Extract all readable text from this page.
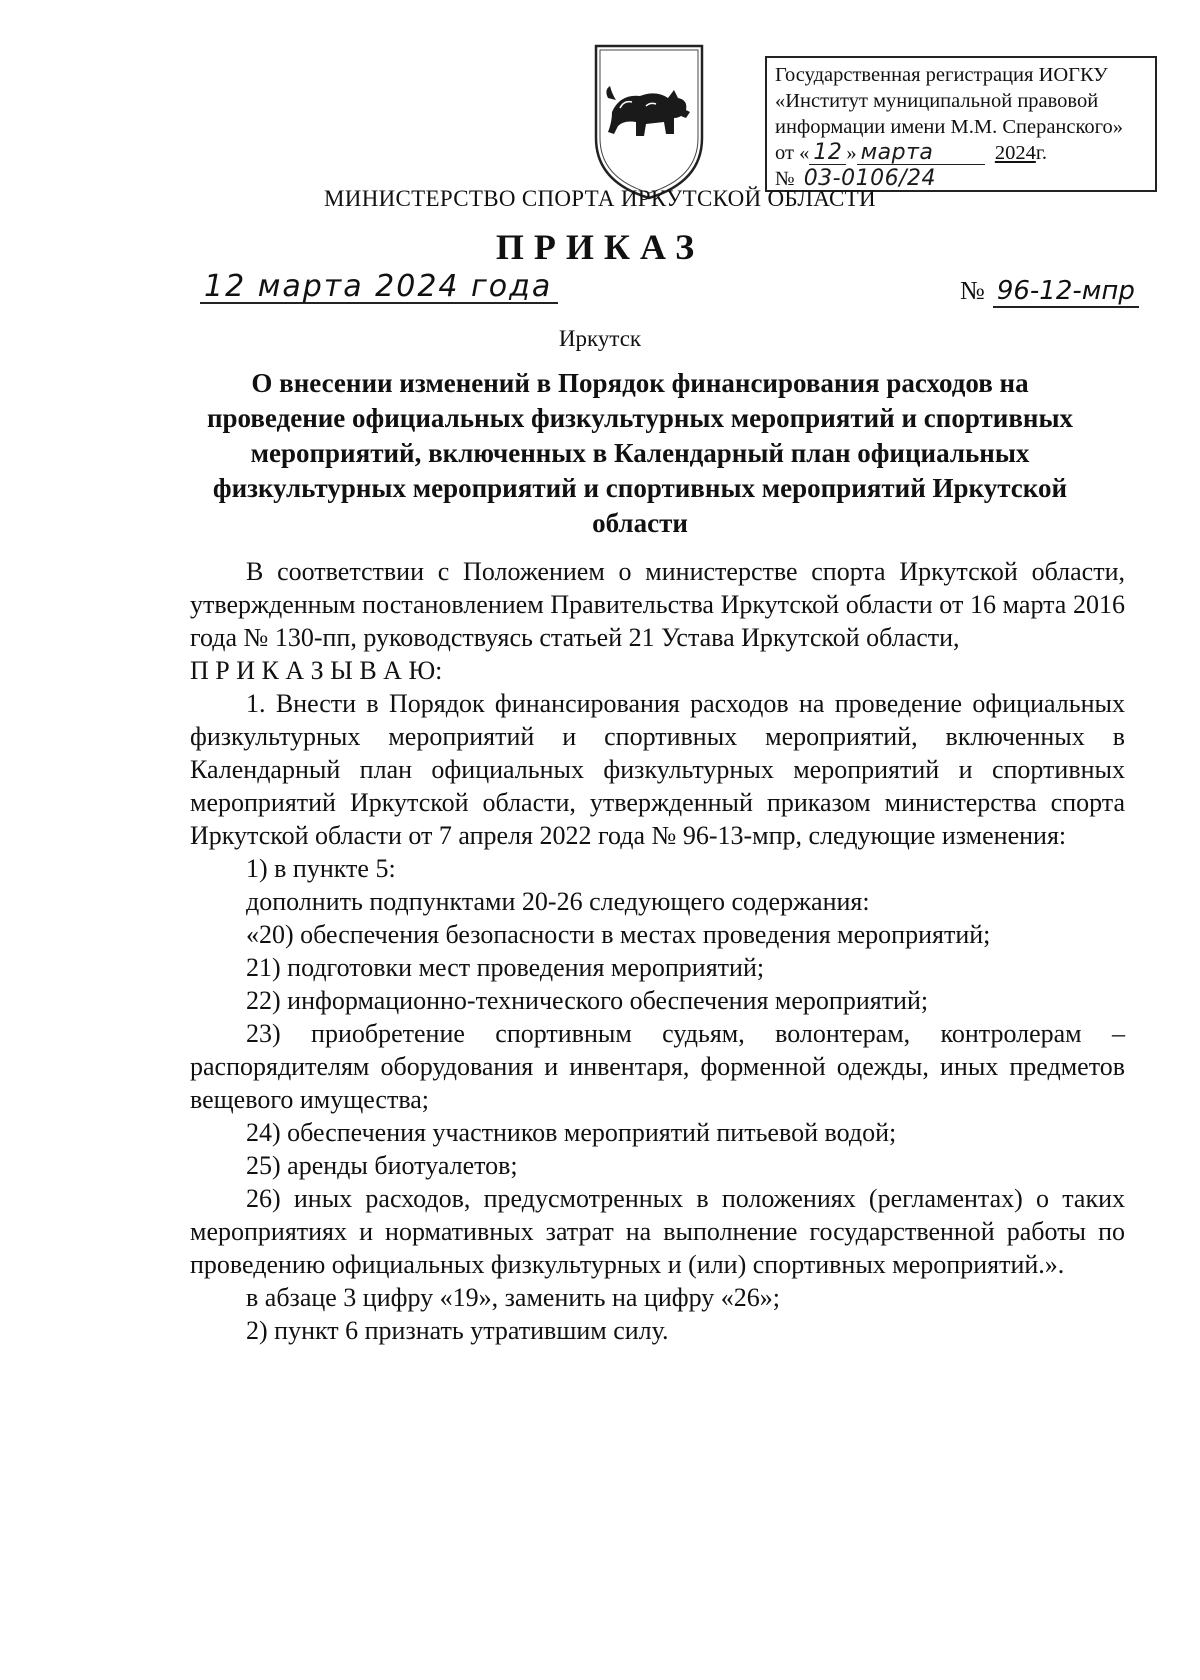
Государственная регистрация ИОГКУ
«Институт муниципальной правовой
информации имени М.М. Сперанского»
от « 12 » марта	2024г.
№ 03-0106/24
МИНИСТЕРСТВО СПОРТА ИРКУТСКОЙ ОБЛАСТИ
ПРИКАЗ
12 марта 2024 года	№ 96-12-мпр
Иркутск
О внесении изменений в Порядок финансирования расходов на
проведение официальных физкультурных мероприятий и спортивных
мероприятий, включенных в Календарный план официальных
физкультурных мероприятий и спортивных мероприятий Иркутской
области

В соответствии с Положением о министерстве спорта Иркутской области, утвержденным постановлением Правительства Иркутской области от 16 марта 2016 года № 130-пп, руководствуясь статьей 21 Устава Иркутской области,

П Р И К А З Ы В А Ю:

1. Внести в Порядок финансирования расходов на проведение официальных физкультурных мероприятий и спортивных мероприятий, включенных в Календарный план официальных физкультурных мероприятий и спортивных мероприятий Иркутской области, утвержденный приказом министерства спорта Иркутской области от 7 апреля 2022 года № 96-13-мпр, следующие изменения:

1) в пункте 5:

дополнить подпунктами 20-26 следующего содержания:

«20) обеспечения безопасности в местах проведения мероприятий;

21) подготовки мест проведения мероприятий;

22) информационно-технического обеспечения мероприятий;

23) приобретение спортивным судьям, волонтерам, контролерам – распорядителям оборудования и инвентаря, форменной одежды, иных предметов вещевого имущества;

24) обеспечения участников мероприятий питьевой водой;

25) аренды биотуалетов;

26) иных расходов, предусмотренных в положениях (регламентах) о таких мероприятиях и нормативных затрат на выполнение государственной работы по проведению официальных физкультурных и (или) спортивных мероприятий.».

в абзаце 3 цифру «19», заменить на цифру «26»;

2) пункт 6 признать утратившим силу.
